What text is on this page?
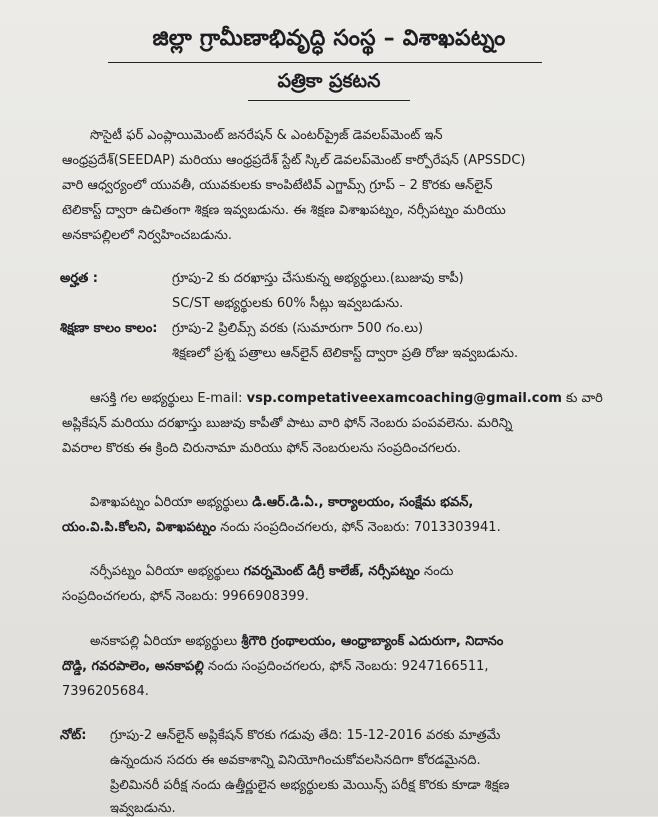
జిల్లా గ్రామీణాభివృద్ధి సంస్థ – విశాఖపట్నం
పత్రికా ప్రకటన
సొసైటీ ఫర్ ఎంప్లాయిమెంట్ జనరేషన్ & ఎంటర్‌ప్రైజ్ డెవలప్‌మెంట్ ఇన్
ఆంధ్రప్రదేశ్(SEEDAP) మరియు ఆంధ్రప్రదేశ్ స్టేట్ స్కిల్ డెవలప్‌మెంట్ కార్పోరేషన్ (APSSDC)
వారి ఆధ్వర్యంలో యువతీ, యువకులకు కాంపిటేటివ్ ఎగ్జామ్స్ గ్రూప్ – 2 కొరకు ఆన్‌లైన్
టెలికాస్ట్ ద్వారా ఉచితంగా శిక్షణ ఇవ్వబడును. ఈ శిక్షణ విశాఖపట్నం, నర్సీపట్నం మరియు
అనకాపల్లిలలో నిర్వహించబడును.
అర్హత :	గ్రూపు-2 కు దరఖాస్తు చేసుకున్న అభ్యర్థులు.(బుజువు కాపీ)
SC/ST అభ్యర్థులకు 60% సీట్లు ఇవ్వబడును.
శిక్షణా కాలం కాలం: గ్రూపు-2 ప్రిలిమ్స్ వరకు (సుమారుగా 500 గం.లు)
శిక్షణలో ప్రశ్న పత్రాలు ఆన్‌లైన్ టెలికాస్ట్ ద్వారా ప్రతి రోజు ఇవ్వబడును.
ఆసక్తి గల అభ్యర్థులు E-mail: vsp.competativeexamcoaching@gmail.com కు వారి
అప్లికేషన్ మరియు దరఖాస్తు బుజువు కాపీతో పాటు వారి ఫోన్ నెంబరు పంపవలెను. మరిన్ని
వివరాల కొరకు ఈ క్రింది చిరునామా మరియు ఫోన్ నెంబరులను సంప్రదించగలరు.
విశాఖపట్నం ఏరియా అభ్యర్థులు డి.ఆర్.డి.ఏ., కార్యాలయం, సంక్షేమ భవన్,
యం.వి.పి.కోలని, విశాఖపట్నం నందు సంప్రదించగలరు, ఫోన్ నెంబరు: 7013303941.
నర్సీపట్నం ఏరియా అభ్యర్థులు గవర్నమెంట్ డిగ్రీ కాలేజ్, నర్సీపట్నం నందు
సంప్రదించగలరు, ఫోన్ నెంబరు: 9966908399.
అనకాపల్లి ఏరియా అభ్యర్థులు శ్రీగౌరి గ్రంథాలయం, ఆంధ్రాబ్యాంక్ ఎదురుగా, నిదానం
దొడ్డి, గవరపాలెం, అనకాపల్లి నందు సంప్రదించగలరు, ఫోన్ నెంబరు: 9247166511,
7396205684.
నోట్: గ్రూపు-2 ఆన్‌లైన్ అప్లికేషన్ కొరకు గడువు తేది: 15-12-2016 వరకు మాత్రమే
ఉన్నందున సదరు ఈ అవకాశాన్ని వినియోగించుకోవలసినదిగా కోరడమైనది.
ప్రిలిమినరీ పరీక్ష నందు ఉత్తీర్ణులైన అభ్యర్థులకు మెయిన్స్ పరీక్ష కొరకు కూడా శిక్షణ
ఇవ్వబడును.
